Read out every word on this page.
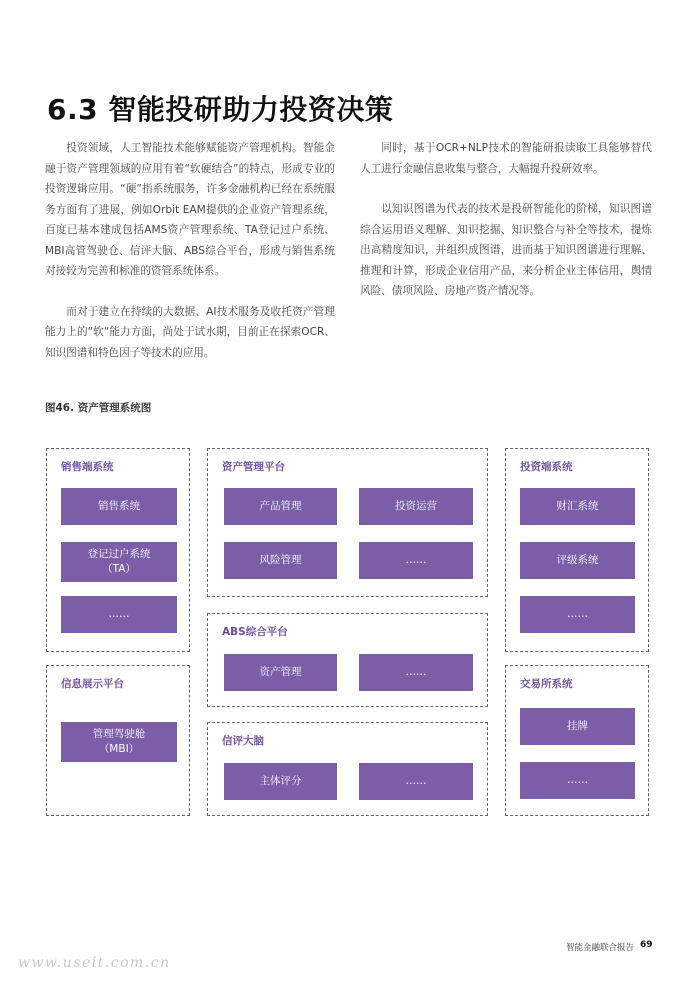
6.3 智能投研助力投资决策

投资领域，人工智能技术能够赋能资产管理机构。智能金融于资产管理领域的应用有着“软硬结合”的特点，形成专业的投资逻辑应用。“硬”指系统服务，许多金融机构已经在系统服务方面有了进展，例如Orbit EAM提供的企业资产管理系统，百度已基本建成包括AMS资产管理系统、TA登记过户系统、MBI高管驾驶仓、信评大脑、ABS综合平台，形成与销售系统对接较为完善和标准的资管系统体系。

而对于建立在持续的大数据、AI技术服务及收托资产管理能力上的“软“能力方面，尚处于试水期，目前正在探索OCR、知识图谱和特色因子等技术的应用。

同时，基于OCR+NLP技术的智能研报读取工具能够替代人工进行金融信息收集与整合，大幅提升投研效率。

以知识图谱为代表的技术是投研智能化的阶梯，知识图谱综合运用语义理解、知识挖掘、知识整合与补全等技术，提炼出高精度知识，并组织成图谱，进而基于知识图谱进行理解、推理和计算，形成企业信用产品，来分析企业主体信用，舆情风险、债项风险、房地产资产情况等。

图46. 资产管理系统图
销售端系统
销售系统
登记过户系统
（TA）
……
资产管理平台
产品管理	投资运营
风险管理	……
投资端系统
财汇系统
评级系统
……
ABS综合平台
资产管理	……
信息展示平台
管理驾驶舱
（MBI）
交易所系统
挂牌
……
信评大脑
主体评分	……
智能金融联合报告 69
www.useit.com.cn
